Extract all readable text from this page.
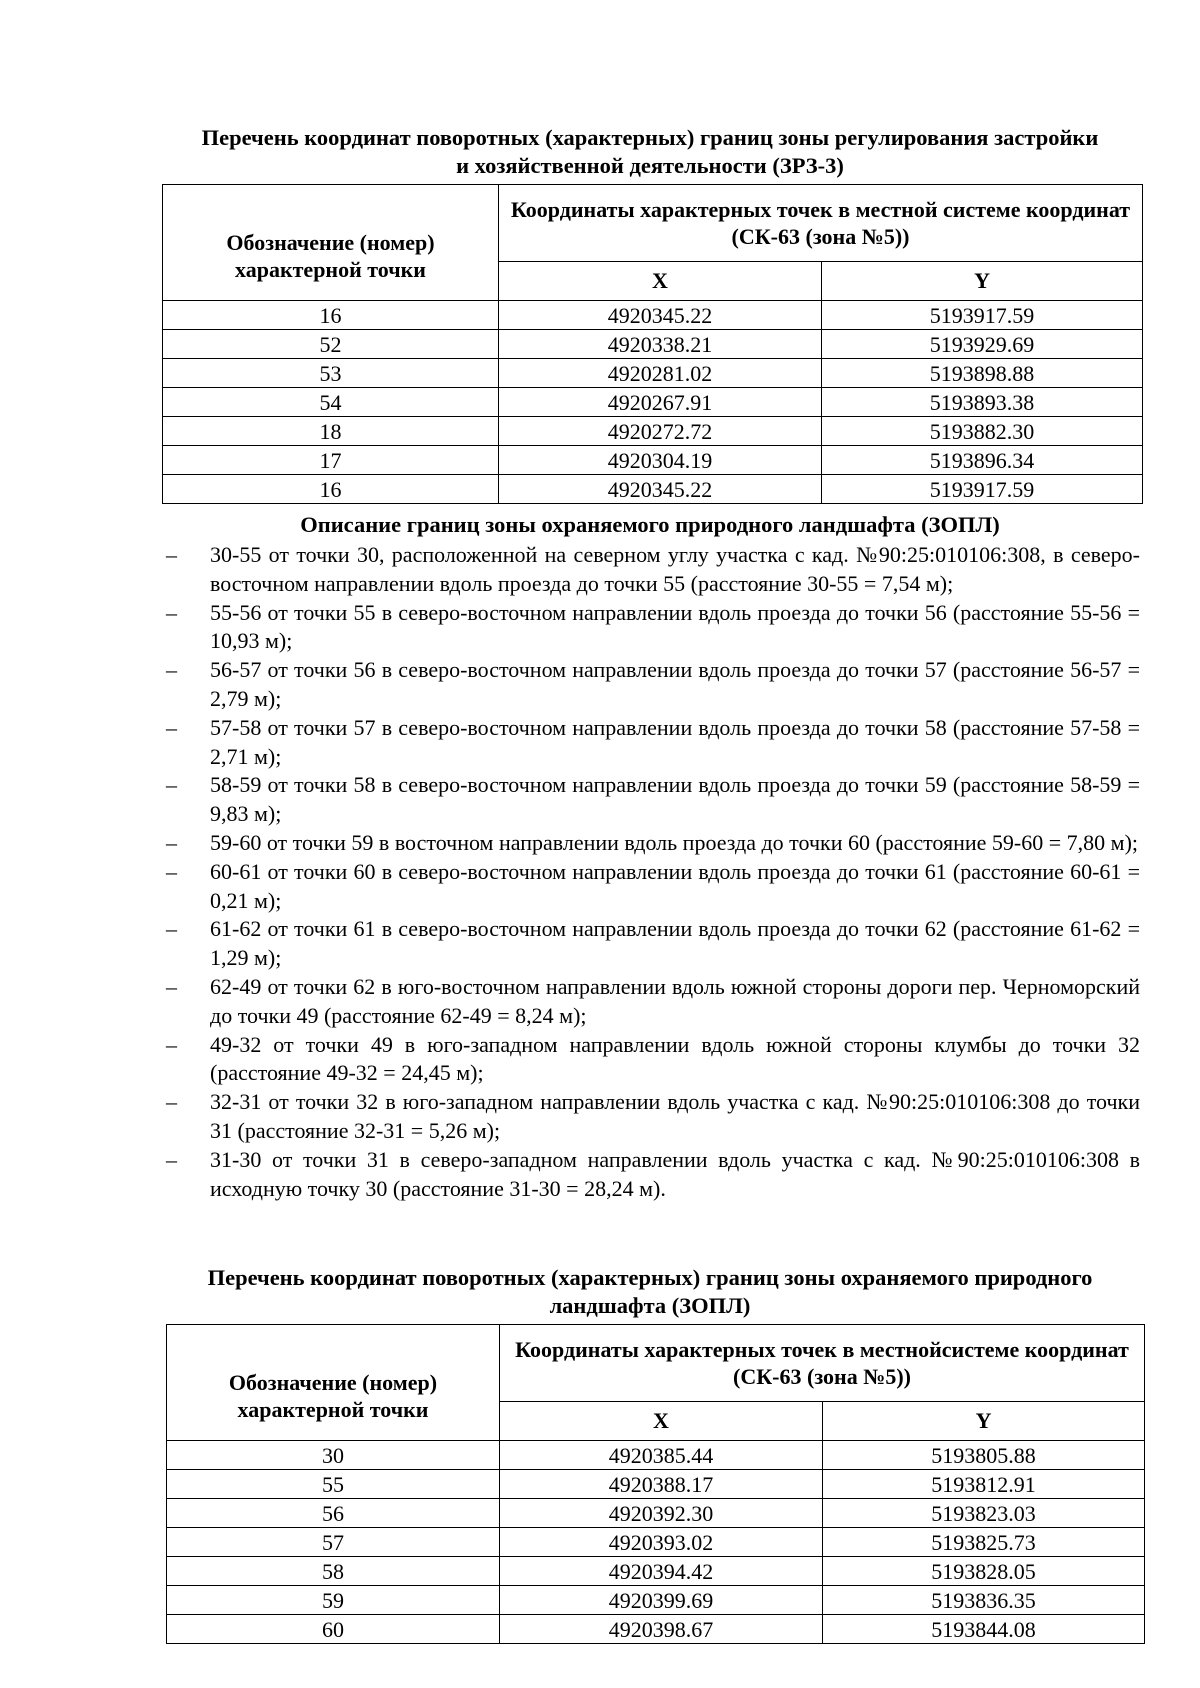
Перечень координат поворотных (характерных) границ зоны регулирования застройки
и хозяйственной деятельности (ЗРЗ-3)
Обозначение (номер) характерной точки	Координаты характерных точек в местной системе координат (СК-63 (зона №5))	
	X	Y
16	4920345.22	5193917.59
52	4920338.21	5193929.69
53	4920281.02	5193898.88
54	4920267.91	5193893.38
18	4920272.72	5193882.30
17	4920304.19	5193896.34
16	4920345.22	5193917.59
Описание границ зоны охраняемого природного ландшафта (ЗОПЛ)
– 30-55 от точки 30, расположенной на северном углу участка с кад. №90:25:010106:308, в северо-восточном направлении вдоль проезда до точки 55 (расстояние 30-55 = 7,54 м);
– 55-56 от точки 55 в северо-восточном направлении вдоль проезда до точки 56 (расстояние 55-56 = 10,93 м);
– 56-57 от точки 56 в северо-восточном направлении вдоль проезда до точки 57 (расстояние 56-57 = 2,79 м);
– 57-58 от точки 57 в северо-восточном направлении вдоль проезда до точки 58 (расстояние 57-58 = 2,71 м);
– 58-59 от точки 58 в северо-восточном направлении вдоль проезда до точки 59 (расстояние 58-59 = 9,83 м);
– 59-60 от точки 59 в восточном направлении вдоль проезда до точки 60 (расстояние 59-60 = 7,80 м);
– 60-61 от точки 60 в северо-восточном направлении вдоль проезда до точки 61 (расстояние 60-61 = 0,21 м);
– 61-62 от точки 61 в северо-восточном направлении вдоль проезда до точки 62 (расстояние 61-62 = 1,29 м);
– 62-49 от точки 62 в юго-восточном направлении вдоль южной стороны дороги пер. Черноморский до точки 49 (расстояние 62-49 = 8,24 м);
– 49-32 от точки 49 в юго-западном направлении вдоль южной стороны клумбы до точки 32 (расстояние 49-32 = 24,45 м);
– 32-31 от точки 32 в юго-западном направлении вдоль участка с кад. №90:25:010106:308 до точки 31 (расстояние 32-31 = 5,26 м);
– 31-30 от точки 31 в северо-западном направлении вдоль участка с кад. №90:25:010106:308 в исходную точку 30 (расстояние 31-30 = 28,24 м).
Перечень координат поворотных (характерных) границ зоны охраняемого природного
ландшафта (ЗОПЛ)
Обозначение (номер) характерной точки	Координаты характерных точек в местнойсистеме координат (СК-63 (зона №5))	
	X	Y
30	4920385.44	5193805.88
55	4920388.17	5193812.91
56	4920392.30	5193823.03
57	4920393.02	5193825.73
58	4920394.42	5193828.05
59	4920399.69	5193836.35
60	4920398.67	5193844.08
